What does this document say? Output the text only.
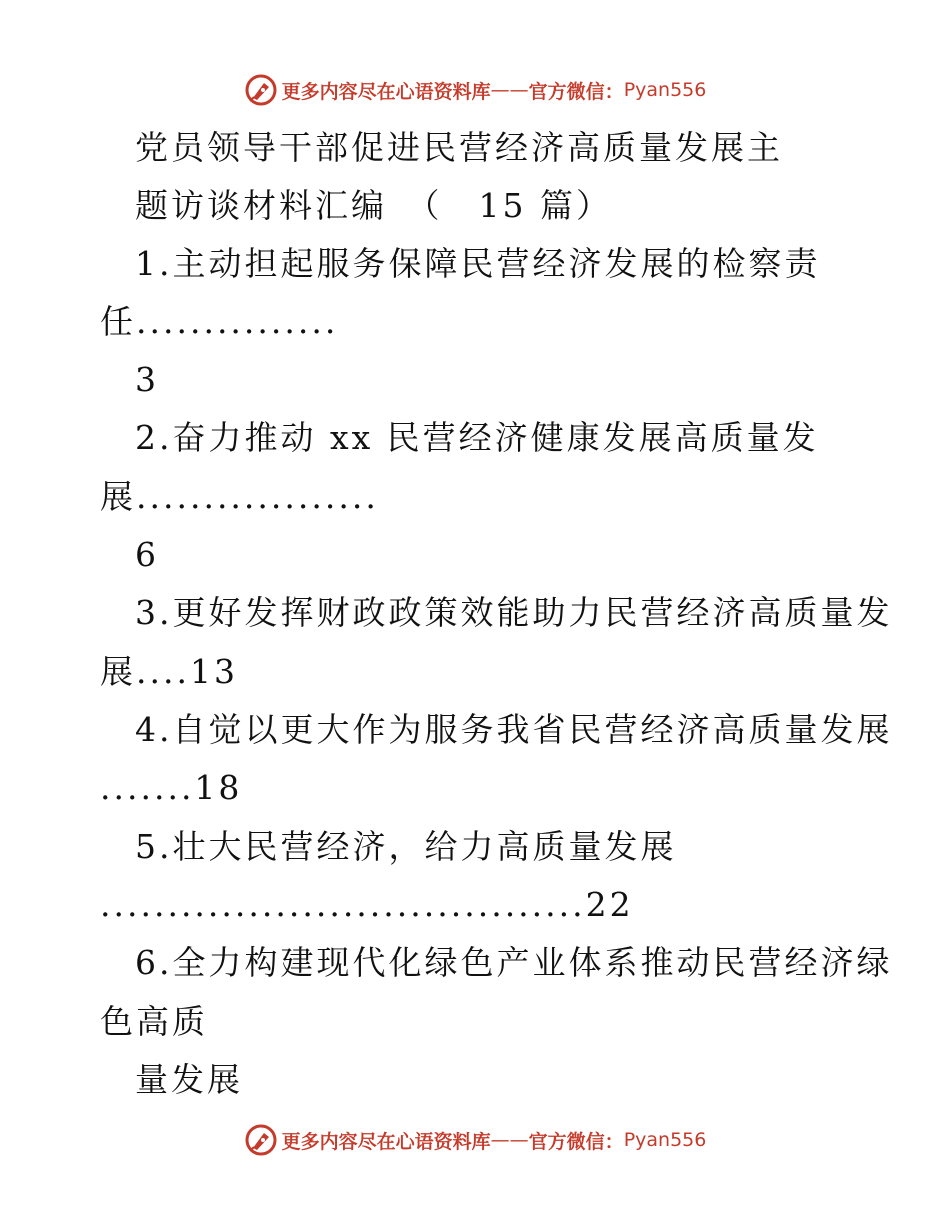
更多内容尽在心语资料库 —— 官方微信： Pyan556

党员领导干部促进民营经济高质量发展主

题访谈材料汇编　（　15 篇）

1.主动担起服务保障民营经济发展的检察责

任...............

3

2.奋力推动 xx 民营经济健康发展高质量发

展..................

6

3.更好发挥财政政策效能助力民营经济高质量发

展....13

4.自觉以更大作为服务我省民营经济高质量发展

.......18

5.壮大民营经济，给力高质量发展

....................................22

6.全力构建现代化绿色产业体系推动民营经济绿

色高质

量发展

更多内容尽在心语资料库 —— 官方微信： Pyan556
